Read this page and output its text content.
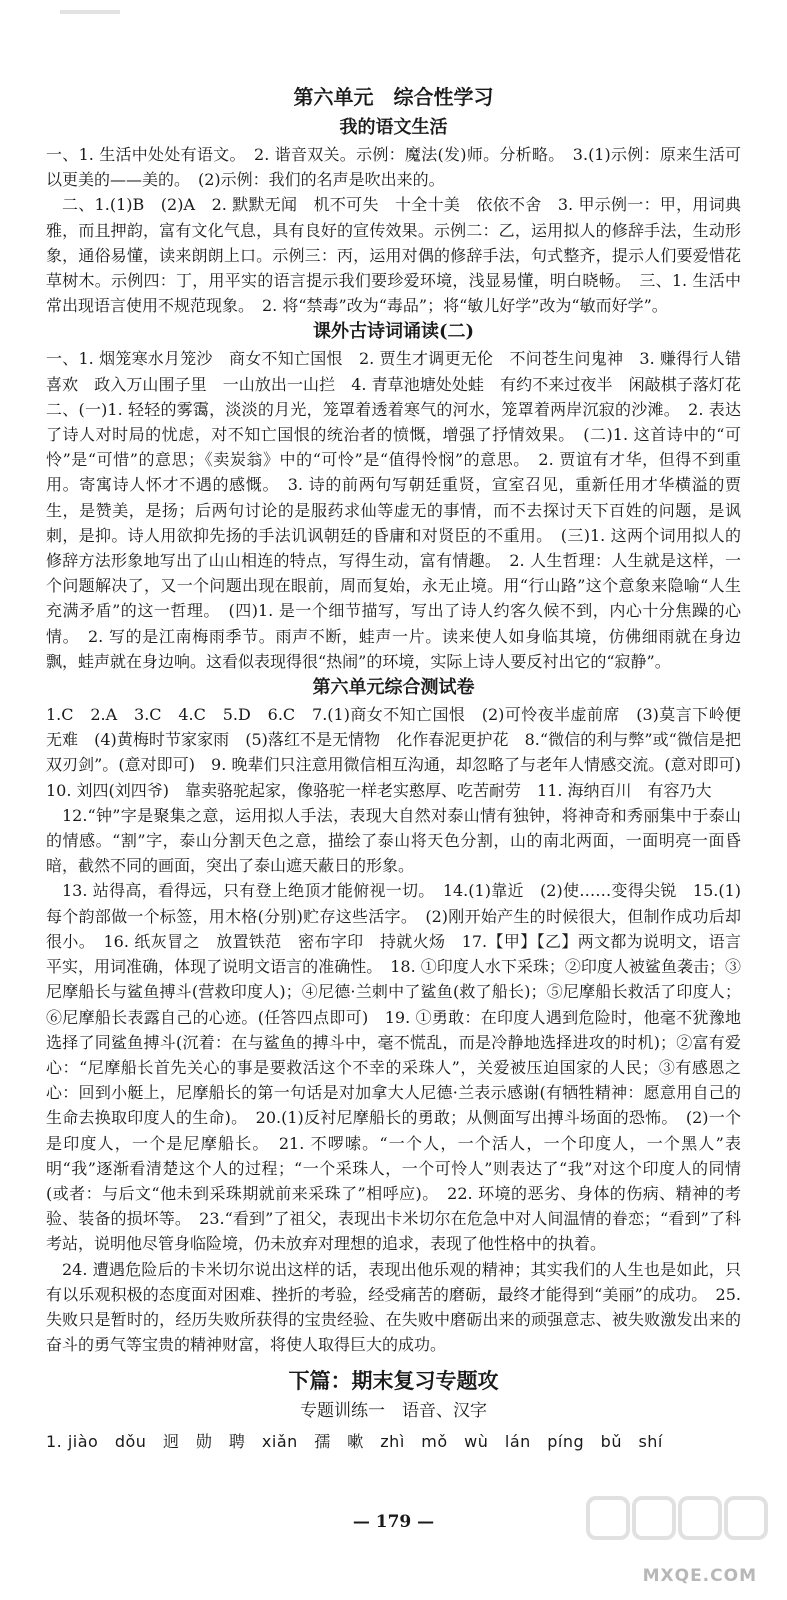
第六单元　综合性学习
我的语文生活

一、1. 生活中处处有语文。　2. 谐音双关。示例：魔法(发)师。分析略。　3.(1)示例：原来生活可以更美的——美的。　(2)示例：我们的名声是吹出来的。

二、1.(1)B　(2)A　2. 默默无闻　机不可失　十全十美　依依不舍　3. 甲示例一：甲，用词典雅，而且押韵，富有文化气息，具有良好的宣传效果。示例二：乙，运用拟人的修辞手法，生动形象，通俗易懂，读来朗朗上口。示例三：丙，运用对偶的修辞手法，句式整齐，提示人们要爱惜花草树木。示例四：丁，用平实的语言提示我们要珍爱环境，浅显易懂，明白晓畅。　三、1. 生活中常出现语言使用不规范现象。　2. 将“禁毒”改为“毒品”；将“敏儿好学”改为“敏而好学”。

课外古诗词诵读(二)

一、1. 烟笼寒水月笼沙　商女不知亡国恨　2. 贾生才调更无伦　不问苍生问鬼神　3. 赚得行人错喜欢　政入万山围子里　一山放出一山拦　4. 青草池塘处处蛙　有约不来过夜半　闲敲棋子落灯花　二、(一)1. 轻轻的雾霭，淡淡的月光，笼罩着透着寒气的河水，笼罩着两岸沉寂的沙滩。　2. 表达了诗人对时局的忧虑，对不知亡国恨的统治者的愤慨，增强了抒情效果。　(二)1. 这首诗中的“可怜”是“可惜”的意思；《卖炭翁》中的“可怜”是“值得怜悯”的意思。　2. 贾谊有才华，但得不到重用。寄寓诗人怀才不遇的感慨。　3. 诗的前两句写朝廷重贤，宣室召见，重新任用才华横溢的贾生，是赞美，是扬；后两句讨论的是服药求仙等虚无的事情，而不去探讨天下百姓的问题，是讽刺，是抑。诗人用欲抑先扬的手法讥讽朝廷的昏庸和对贤臣的不重用。　(三)1. 这两个词用拟人的修辞方法形象地写出了山山相连的特点，写得生动，富有情趣。　2. 人生哲理：人生就是这样，一个问题解决了，又一个问题出现在眼前，周而复始，永无止境。用“行山路”这个意象来隐喻“人生充满矛盾”的这一哲理。　(四)1. 是一个细节描写，写出了诗人约客久候不到，内心十分焦躁的心情。　2. 写的是江南梅雨季节。雨声不断，蛙声一片。读来使人如身临其境，仿佛细雨就在身边飘，蛙声就在身边响。这看似表现得很“热闹”的环境，实际上诗人要反衬出它的“寂静”。

第六单元综合测试卷

1.C　2.A　3.C　4.C　5.D　6.C　7.(1)商女不知亡国恨　(2)可怜夜半虚前席　(3)莫言下岭便无难　(4)黄梅时节家家雨　(5)落红不是无情物　化作春泥更护花　8.“微信的利与弊”或“微信是把双刃剑”。(意对即可)　9. 晚辈们只注意用微信相互沟通，却忽略了与老年人情感交流。(意对即可)　10. 刘四(刘四爷)　靠卖骆驼起家，像骆驼一样老实憨厚、吃苦耐劳　11. 海纳百川　有容乃大

12.“钟”字是聚集之意，运用拟人手法，表现大自然对泰山情有独钟，将神奇和秀丽集中于泰山的情感。“割”字，泰山分割天色之意，描绘了泰山将天色分割，山的南北两面，一面明亮一面昏暗，截然不同的画面，突出了泰山遮天蔽日的形象。

13. 站得高，看得远，只有登上绝顶才能俯视一切。　14.(1)靠近　(2)使……变得尖锐　15.(1)每个韵部做一个标签，用木格(分别)贮存这些活字。　(2)刚开始产生的时候很大，但制作成功后却很小。　16. 纸灰冒之　放置铁范　密布字印　持就火炀　17.【甲】【乙】两文都为说明文，语言平实，用词准确，体现了说明文语言的准确性。　18. ①印度人水下采珠；②印度人被鲨鱼袭击；③尼摩船长与鲨鱼搏斗(营救印度人)；④尼德·兰刺中了鲨鱼(救了船长)；⑤尼摩船长救活了印度人；⑥尼摩船长表露自己的心迹。(任答四点即可)　19. ①勇敢：在印度人遇到危险时，他毫不犹豫地选择了同鲨鱼搏斗(沉着：在与鲨鱼的搏斗中，毫不慌乱，而是冷静地选择进攻的时机)；②富有爱心：“尼摩船长首先关心的事是要救活这个不幸的采珠人”，关爱被压迫国家的人民；③有感恩之心：回到小艇上，尼摩船长的第一句话是对加拿大人尼德·兰表示感谢(有牺牲精神：愿意用自己的生命去换取印度人的生命)。　20.(1)反衬尼摩船长的勇敢；从侧面写出搏斗场面的恐怖。　(2)一个是印度人，一个是尼摩船长。　21. 不啰嗦。“一个人，一个活人，一个印度人，一个黑人”表明“我”逐渐看清楚这个人的过程；“一个采珠人，一个可怜人”则表达了“我”对这个印度人的同情(或者：与后文“他未到采珠期就前来采珠了”相呼应)。　22. 环境的恶劣、身体的伤病、精神的考验、装备的损坏等。　23.“看到”了祖父，表现出卡米切尔在危急中对人间温情的眷恋；“看到”了科考站，说明他尽管身临险境，仍未放弃对理想的追求，表现了他性格中的执着。

24. 遭遇危险后的卡米切尔说出这样的话，表现出他乐观的精神；其实我们的人生也是如此，只有以乐观积极的态度面对困难、挫折的考验，经受痛苦的磨砺，最终才能得到“美丽”的成功。　25. 失败只是暂时的，经历失败所获得的宝贵经验、在失败中磨砺出来的顽强意志、被失败激发出来的奋斗的勇气等宝贵的精神财富，将使人取得巨大的成功。

下篇：期末复习专题攻
专题训练一　语音、汉字
1. jiào　dǒu　迥　勋　聘　xiǎn　孺　嗽　zhì　mǒ　wù　lán　píng　bǔ　shí
— 179 —
MXQE.COM
